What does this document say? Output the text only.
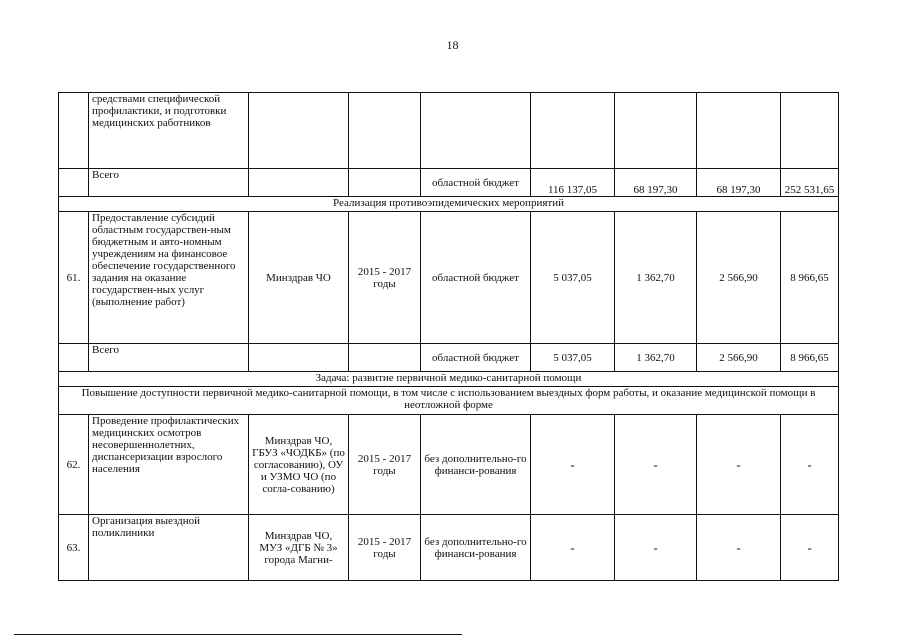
18
	средствами специфической профилактики, и подготовки медицинских работников							
	Всего			областной бюджет	116 137,05	68 197,30	68 197,30	252 531,65
Реализация противоэпидемических мероприятий								
61.	Предоставление субсидий областным государствен-ным бюджетным и авто-номным учреждениям на финансовое обеспечение государственного задания на оказание государствен-ных услуг (выполнение работ)	Минздрав ЧО	2015 - 2017 годы	областной бюджет	5 037,05	1 362,70	2 566,90	8 966,65
	Всего			областной бюджет	5 037,05	1 362,70	2 566,90	8 966,65
Задача: развитие первичной медико-санитарной помощи								
Повышение доступности первичной медико-санитарной помощи, в том числе с использованием выездных форм работы, и оказание медицинской помощи в неотложной форме								
62.	Проведение профилактических медицинских осмотров несовершеннолетних, диспансеризации взрослого населения	Минздрав ЧО, ГБУЗ «ЧОДКБ» (по согласованию), ОУ и УЗМО ЧО (по согла-сованию)	2015 - 2017 годы	без дополнительно-го финанси-рования	-	-	-	-
63.	Организация выездной поликлиники	Минздрав ЧО, МУЗ «ДГБ № 3» города Магни-	2015 - 2017 годы	без дополнительно-го финанси-рования	-	-	-	-
